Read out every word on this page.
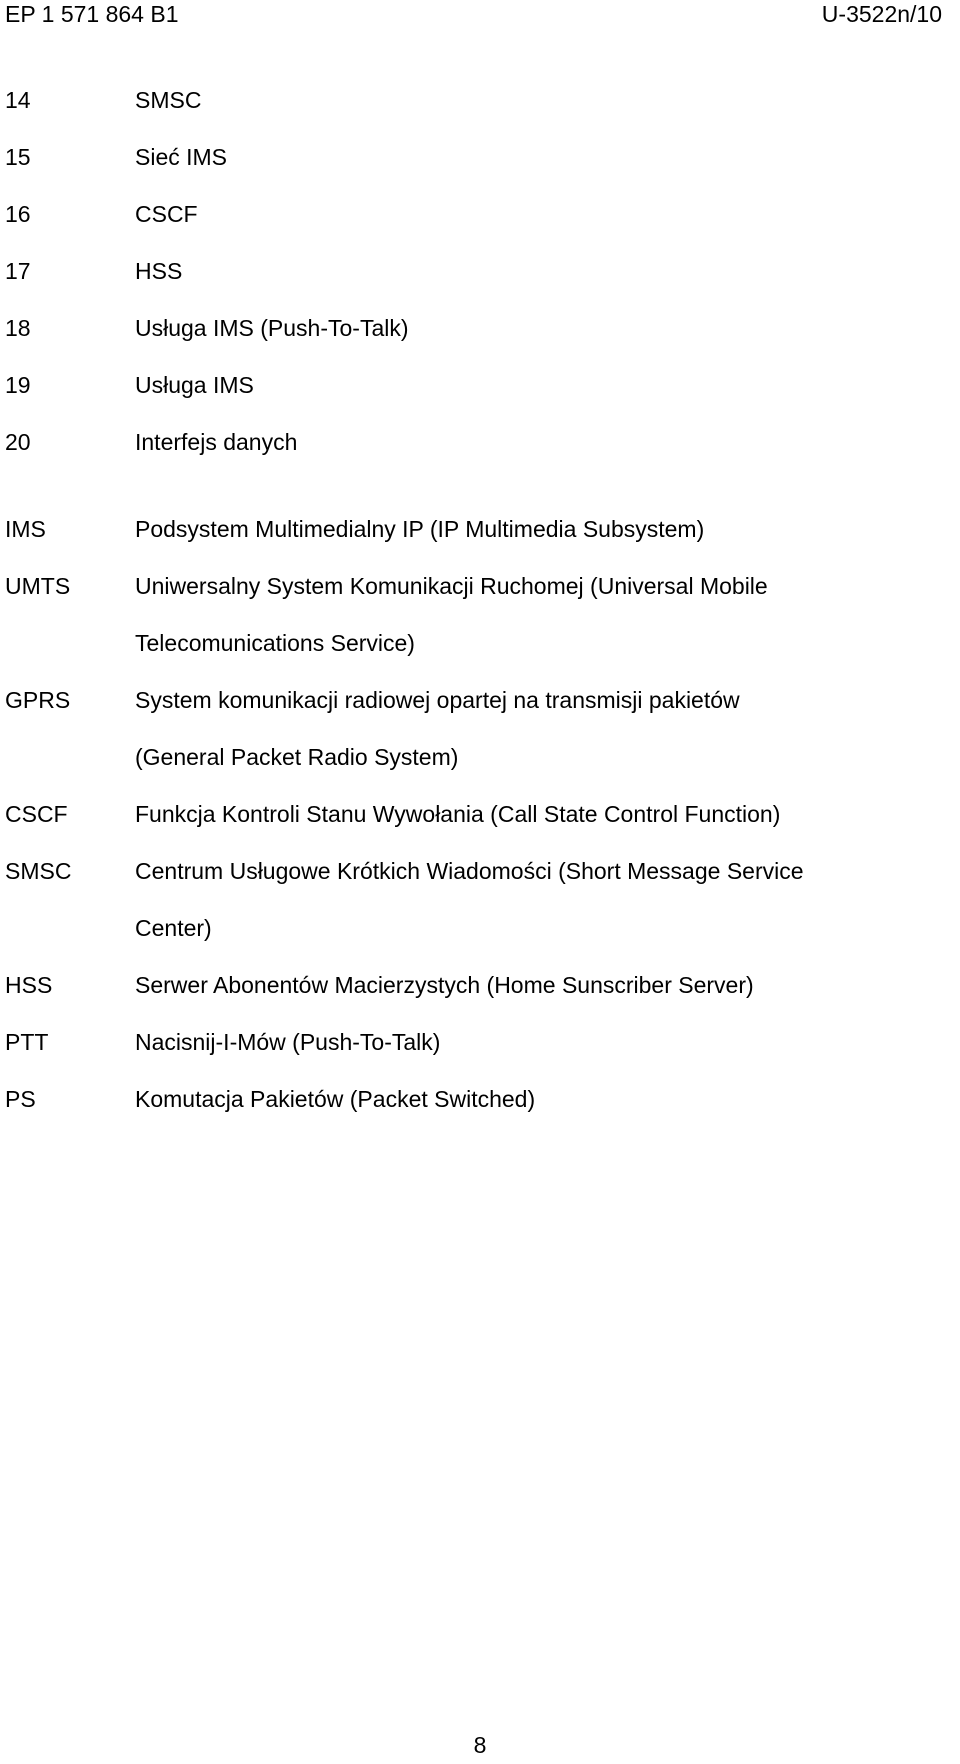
EP 1 571 864 B1	U-3522n/10
14	SMSC
15	Sieć IMS
16	CSCF
17	HSS
18	Usługa IMS (Push-To-Talk)
19	Usługa IMS
20	Interfejs danych
IMS	Podsystem Multimedialny IP (IP Multimedia Subsystem)
UMTS	Uniwersalny System Komunikacji Ruchomej (Universal Mobile
Telecomunications Service)
GPRS	System komunikacji radiowej opartej na transmisji pakietów
(General Packet Radio System)
CSCF	Funkcja Kontroli Stanu Wywołania (Call State Control Function)
SMSC	Centrum Usługowe Krótkich Wiadomości (Short Message Service
Center)
HSS	Serwer Abonentów Macierzystych (Home Sunscriber Server)
PTT	Nacisnij-I-Mów (Push-To-Talk)
PS	Komutacja Pakietów (Packet Switched)
8
